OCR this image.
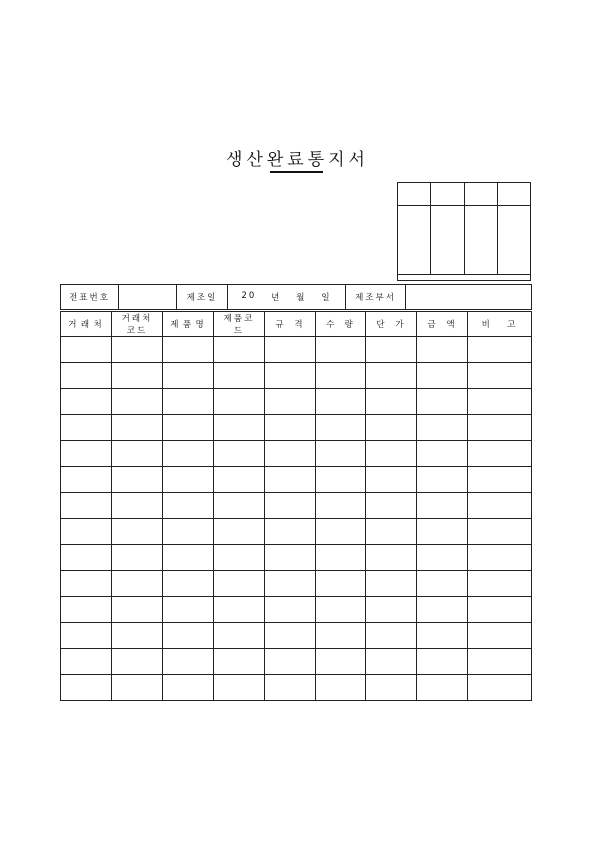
생산완료통지서

전표번호		제조일	20 년 월 일	제조부서	
거 래 처	거래처코드	제 품 명	제품코드	규 격	수 량	단 가	금 액	비 고
